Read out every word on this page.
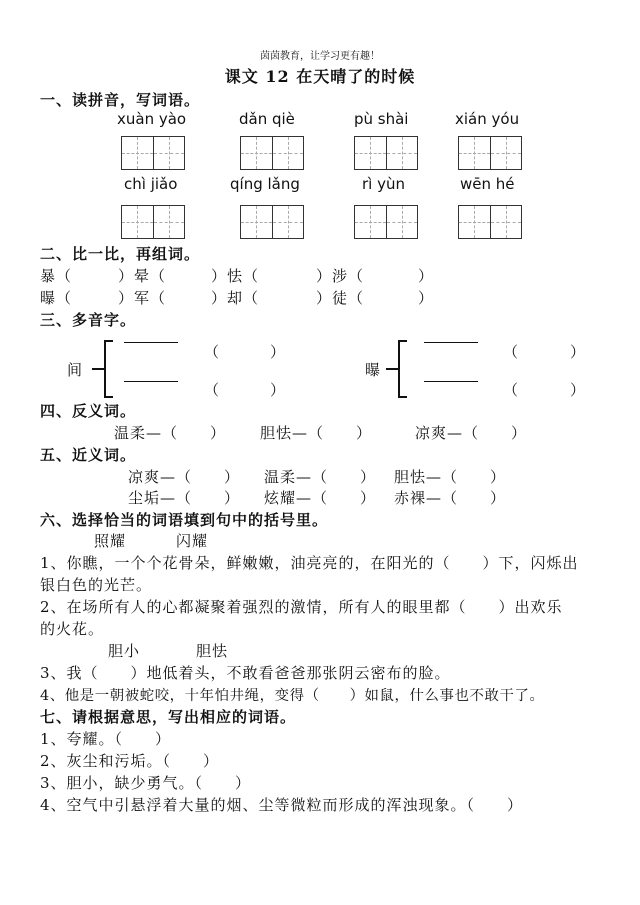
茵茵教育，让学习更有趣！
课文 12 在天晴了的时候
一、读拼音，写词语。
xuàn yào	dǎn qiè	pù shài	xián yóu
chì jiǎo	qíng lǎng	rì yùn	wēn hé
二、比一比，再组词。
暴（	）晕（	）怯（	）涉（	）
曝（	）军（	）却（	）徒（	）
三、多音字。
间
（	）
（	）
曝
（	）
（	）
四、反义词。
温柔—（　　） 胆怯—（　　）	凉爽—（　　）
五、近义词。
凉爽—（　　） 温柔—（　　） 胆怯—（　　）
尘垢—（　　） 炫耀—（　　） 赤裸—（　　）
六、选择恰当的词语填到句中的括号里。
照耀	闪耀
1、你瞧，一个个花骨朵，鲜嫩嫩，油亮亮的，在阳光的（　　）下，闪烁出
银白色的光芒。
2、在场所有人的心都凝聚着强烈的激情，所有人的眼里都（　　）出欢乐
的火花。
胆小	胆怯
3、我（　　）地低着头，不敢看爸爸那张阴云密布的脸。
4、他是一朝被蛇咬，十年怕井绳，变得（　　）如鼠，什么事也不敢干了。
七、请根据意思，写出相应的词语。
1、夸耀。（　　）
2、灰尘和污垢。（　　）
3、胆小，缺少勇气。（　　）
4、空气中引悬浮着大量的烟、尘等微粒而形成的浑浊现象。（　　）
